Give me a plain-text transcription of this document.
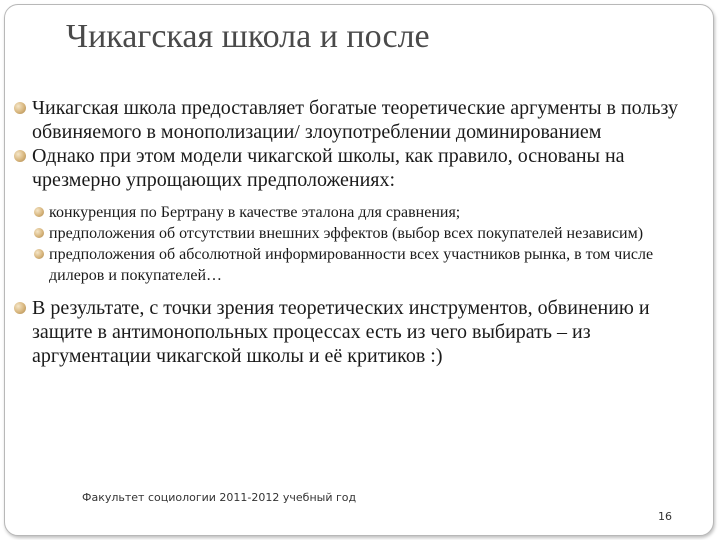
Чикагская школа и после
Чикагская школа предоставляет богатые теоретические аргументы в пользу обвиняемого в монополизации/ злоупотреблении доминированием
Однако при этом модели чикагской школы, как правило, основаны на чрезмерно упрощающих предположениях:
конкуренция по Бертрану в качестве эталона для сравнения;
предположения об отсутствии внешних эффектов (выбор всех покупателей независим)
предположения об абсолютной информированности всех участников рынка, в том числе дилеров и покупателей…
В результате, с точки зрения теоретических инструментов, обвинению и защите в антимонопольных процессах есть из чего выбирать – из аргументации чикагской школы и её критиков :)
Факультет социологии 2011-2012 учебный год
16
